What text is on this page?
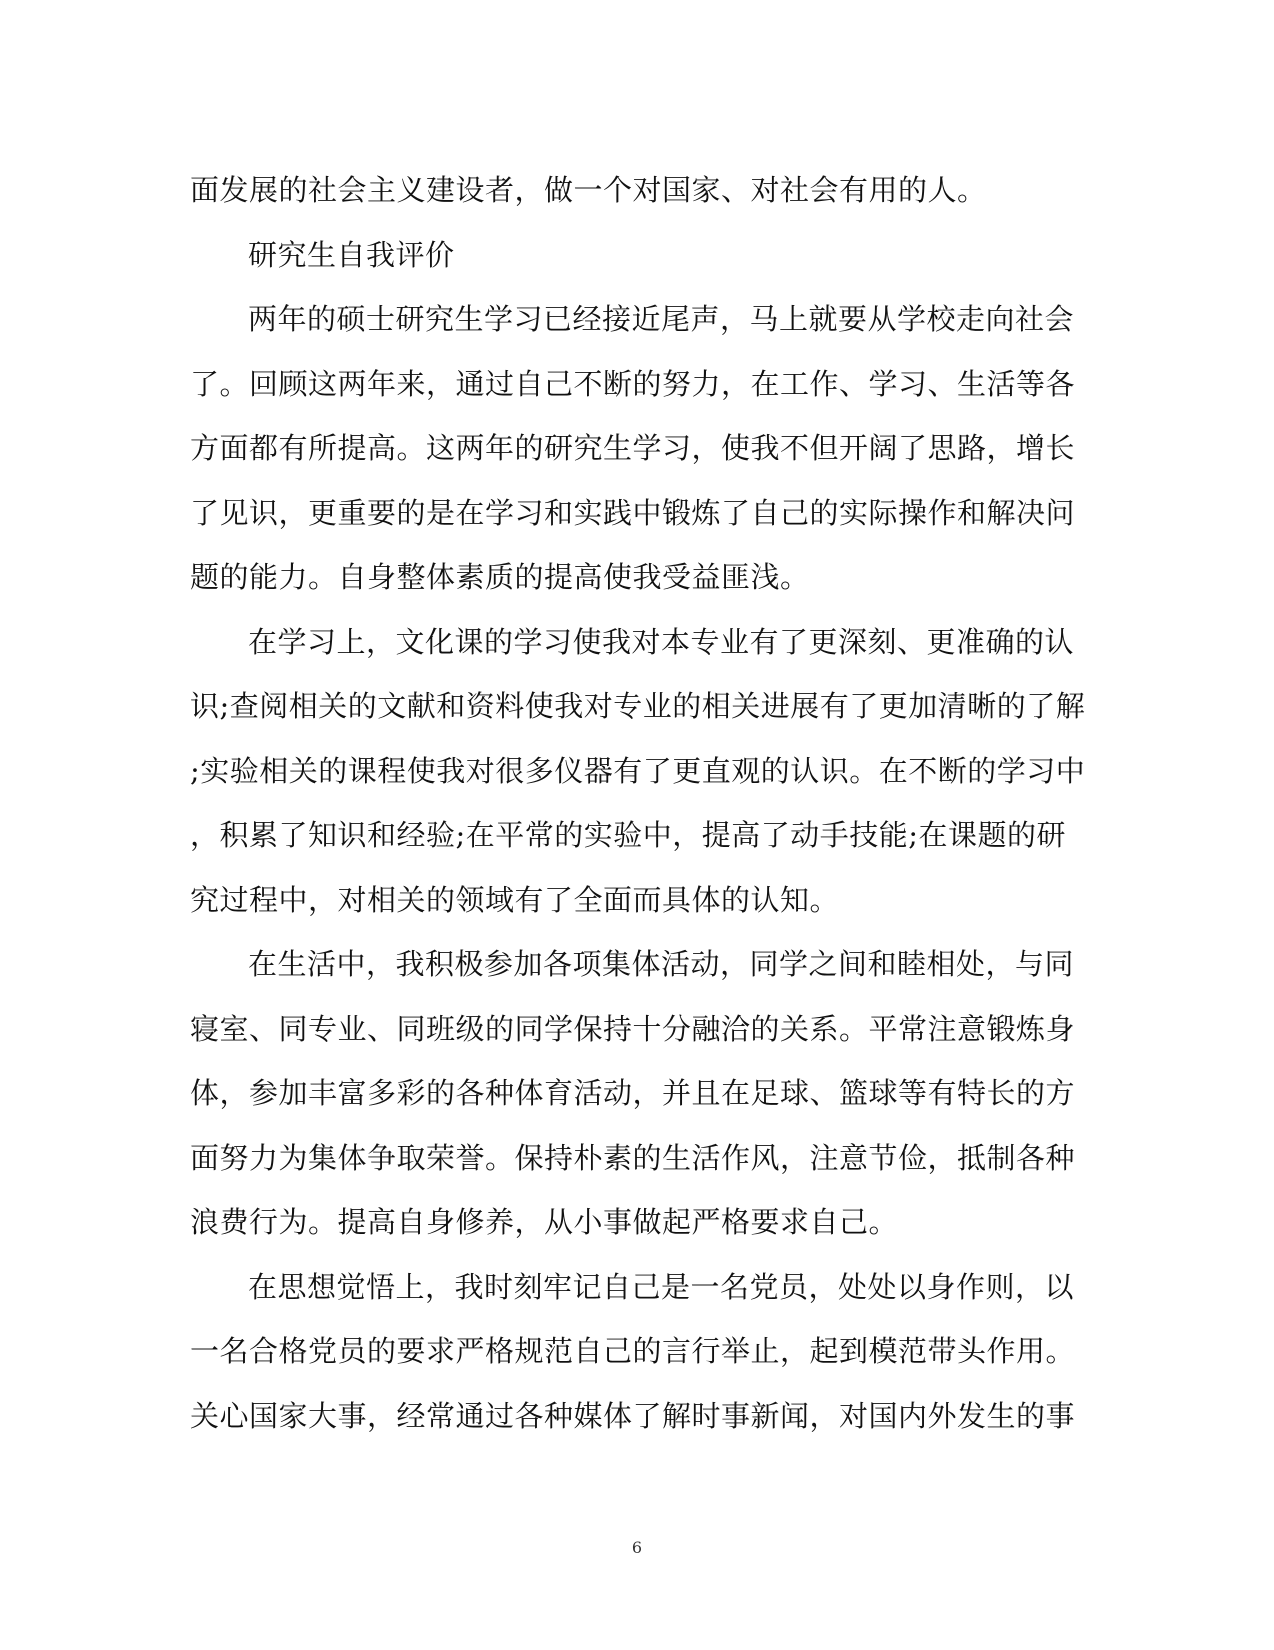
面发展的社会主义建设者，做一个对国家、对社会有用的人。
研究生自我评价
两年的硕士研究生学习已经接近尾声，马上就要从学校走向社会
了。回顾这两年来，通过自己不断的努力，在工作、学习、生活等各
方面都有所提高。这两年的研究生学习，使我不但开阔了思路，增长
了见识，更重要的是在学习和实践中锻炼了自己的实际操作和解决问
题的能力。自身整体素质的提高使我受益匪浅。
在学习上，文化课的学习使我对本专业有了更深刻、更准确的认
识;查阅相关的文献和资料使我对专业的相关进展有了更加清晰的了解
;实验相关的课程使我对很多仪器有了更直观的认识。在不断的学习中
，积累了知识和经验;在平常的实验中，提高了动手技能;在课题的研
究过程中，对相关的领域有了全面而具体的认知。
在生活中，我积极参加各项集体活动，同学之间和睦相处，与同
寝室、同专业、同班级的同学保持十分融洽的关系。平常注意锻炼身
体，参加丰富多彩的各种体育活动，并且在足球、篮球等有特长的方
面努力为集体争取荣誉。保持朴素的生活作风，注意节俭，抵制各种
浪费行为。提高自身修养，从小事做起严格要求自己。
在思想觉悟上，我时刻牢记自己是一名党员，处处以身作则，以
一名合格党员的要求严格规范自己的言行举止，起到模范带头作用。
关心国家大事，经常通过各种媒体了解时事新闻，对国内外发生的事
6
